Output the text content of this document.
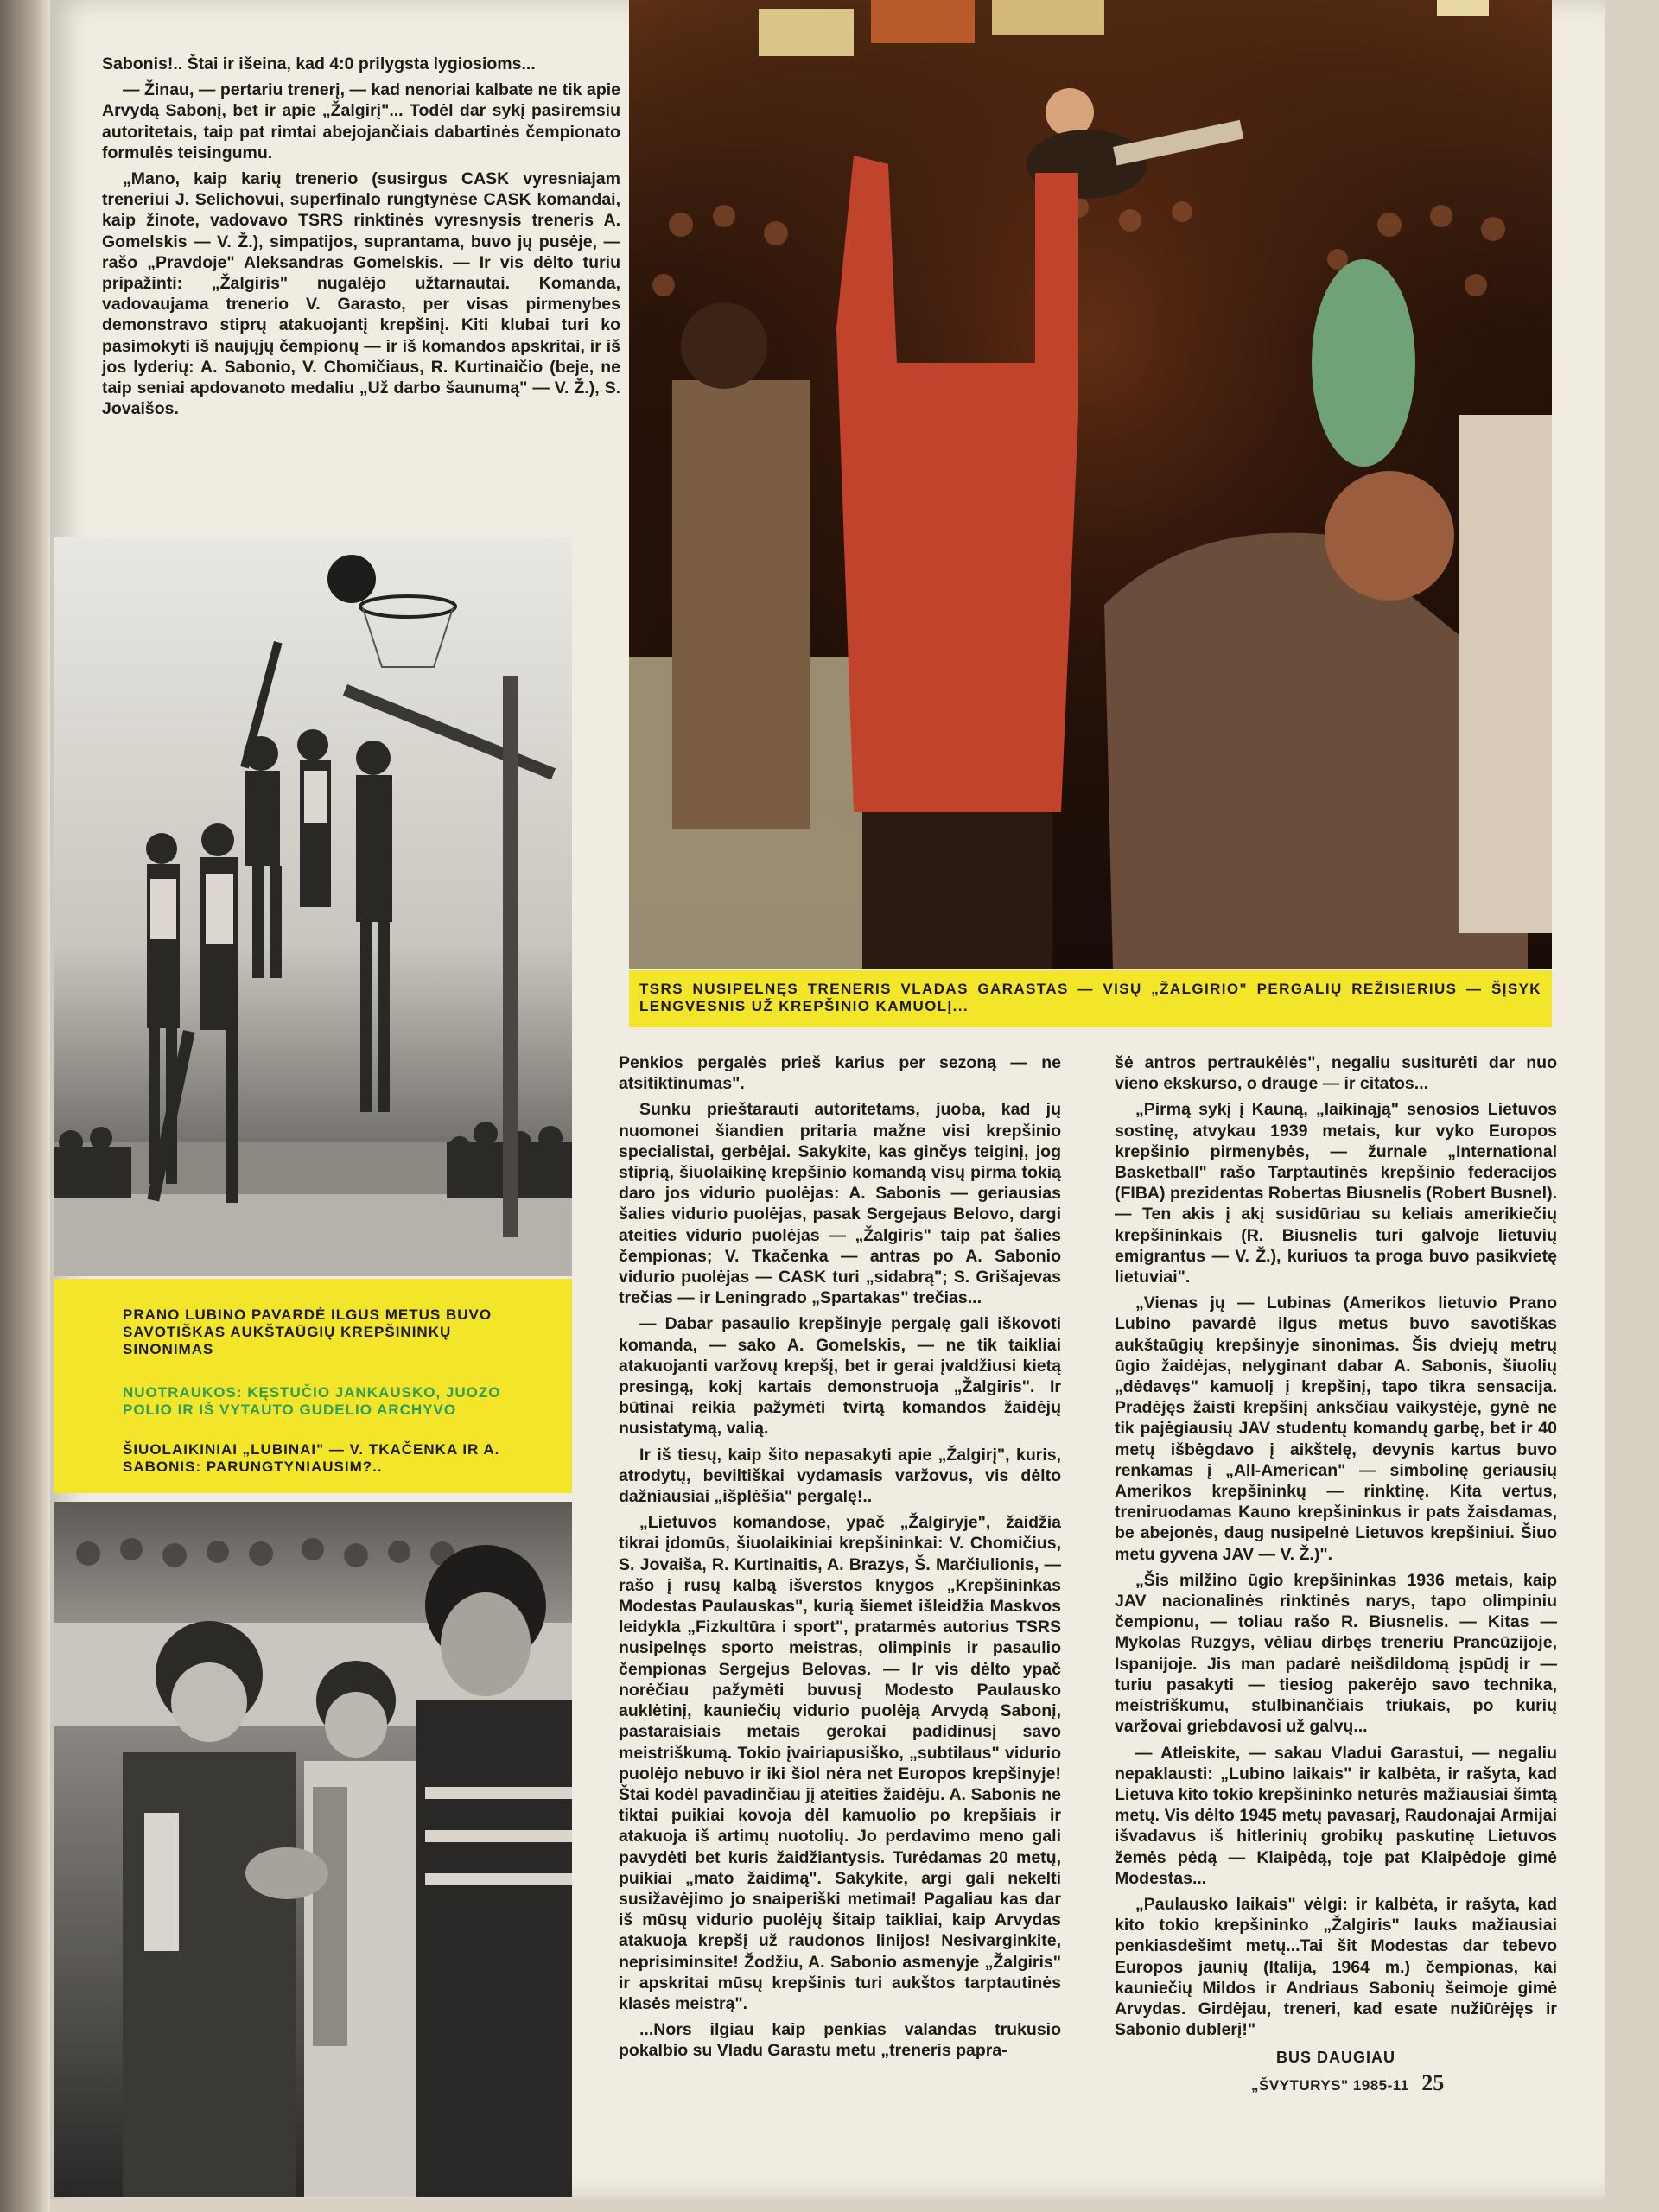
Sabonis!.. Štai ir išeina, kad 4:0 prilygsta lygiosioms...

— Žinau, — pertariu trenerį, — kad nenoriai kalbate ne tik apie Arvydą Sabonį, bet ir apie „Žalgirį"... Todėl dar sykį pasiremsiu autoritetais, taip pat rimtai abejojančiais dabartinės čempionato formulės teisingumu.

„Mano, kaip karių trenerio (susirgus CASK vyresniajam treneriui J. Selichovui, superfinalo rungtynėse CASK komandai, kaip žinote, vadovavo TSRS rinktinės vyresnysis treneris A. Gomelskis — V. Ž.), simpatijos, suprantama, buvo jų pusėje, — rašo „Pravdoje" Aleksandras Gomelskis. — Ir vis dėlto turiu pripažinti: „Žalgiris" nugalėjo užtarnautai. Komanda, vadovaujama trenerio V. Garasto, per visas pirmenybes demonstravo stiprų atakuojantį krepšinį. Kiti klubai turi ko pasimokyti iš naujųjų čempionų — ir iš komandos apskritai, ir iš jos lyderių: A. Sabonio, V. Chomičiaus, R. Kurtinaičio (beje, ne taip seniai apdovanoto medaliu „Už darbo šaunumą" — V. Ž.), S. Jovaišos.

PRANO LUBINO PAVARDĖ ILGUS METUS BUVO SAVOTIŠKAS AUKŠTAŪGIŲ KREPŠININKŲ SINONIMAS
NUOTRAUKOS: KĘSTUČIO JANKAUSKO, JUOZO POLIO IR IŠ VYTAUTO GUDELIO ARCHYVO
ŠIUOLAIKINIAI „LUBINAI" — V. TKAČENKA IR A. SABONIS: PARUNGTYNIAUSIM?..
TSRS NUSIPELNĘS TRENERIS VLADAS GARASTAS — VISŲ „ŽALGIRIO" PERGALIŲ REŽISIERIUS — ŠĮSYK LENGVESNIS UŽ KREPŠINIO KAMUOLĮ...

Penkios pergalės prieš karius per sezoną — ne atsitiktinumas".

Sunku prieštarauti autoritetams, juoba, kad jų nuomonei šiandien pritaria mažne visi krepšinio specialistai, gerbėjai. Sakykite, kas ginčys teiginį, jog stiprią, šiuolaikinę krepšinio komandą visų pirma tokią daro jos vidurio puolėjas: A. Sabonis — geriausias šalies vidurio puolėjas, pasak Sergejaus Belovo, dargi ateities vidurio puolėjas — „Žalgiris" taip pat šalies čempionas; V. Tkačenka — antras po A. Sabonio vidurio puolėjas — CASK turi „sidabrą"; S. Grišajevas trečias — ir Leningrado „Spartakas" trečias...

— Dabar pasaulio krepšinyje pergalę gali iškovoti komanda, — sako A. Gomelskis, — ne tik taikliai atakuojanti varžovų krepšį, bet ir gerai įvaldžiusi kietą presingą, kokį kartais demonstruoja „Žalgiris". Ir būtinai reikia pažymėti tvirtą komandos žaidėjų nusistatymą, valią.

Ir iš tiesų, kaip šito nepasakyti apie „Žalgirį", kuris, atrodytų, beviltiškai vydamasis varžovus, vis dėlto dažniausiai „išplėšia" pergalę!..

„Lietuvos komandose, ypač „Žalgiryje", žaidžia tikrai įdomūs, šiuolaikiniai krepšininkai: V. Chomičius, S. Jovaiša, R. Kurtinaitis, A. Brazys, Š. Marčiulionis, — rašo į rusų kalbą išverstos knygos „Krepšininkas Modestas Paulauskas", kurią šiemet išleidžia Maskvos leidykla „Fizkultūra i sport", pratarmės autorius TSRS nusipelnęs sporto meistras, olimpinis ir pasaulio čempionas Sergejus Belovas. — Ir vis dėlto ypač norėčiau pažymėti buvusį Modesto Paulausko auklėtinį, kauniečių vidurio puolėją Arvydą Sabonį, pastaraisiais metais gerokai padidinusį savo meistriškumą. Tokio įvairiapusiško, „subtilaus" vidurio puolėjo nebuvo ir iki šiol nėra net Europos krepšinyje! Štai kodėl pavadinčiau jį ateities žaidėju. A. Sabonis ne tiktai puikiai kovoja dėl kamuolio po krepšiais ir atakuoja iš artimų nuotolių. Jo perdavimo meno gali pavydėti bet kuris žaidžiantysis. Turėdamas 20 metų, puikiai „mato žaidimą". Sakykite, argi gali nekelti susižavėjimo jo snaiperiški metimai! Pagaliau kas dar iš mūsų vidurio puolėjų šitaip taikliai, kaip Arvydas atakuoja krepšį už raudonos linijos! Nesivarginkite, neprisiminsite! Žodžiu, A. Sabonio asmenyje „Žalgiris" ir apskritai mūsų krepšinis turi aukštos tarptautinės klasės meistrą".

...Nors ilgiau kaip penkias valandas trukusio pokalbio su Vladu Garastu metu „treneris papra-

šė antros pertraukėlės", negaliu susiturėti dar nuo vieno ekskurso, o drauge — ir citatos...

„Pirmą sykį į Kauną, „laikinąją" senosios Lietuvos sostinę, atvykau 1939 metais, kur vyko Europos krepšinio pirmenybės, — žurnale „International Basketball" rašo Tarptautinės krepšinio federacijos (FIBA) prezidentas Robertas Biusnelis (Robert Busnel). — Ten akis į akį susidūriau su keliais amerikiečių krepšininkais (R. Biusnelis turi galvoje lietuvių emigrantus — V. Ž.), kuriuos ta proga buvo pasikvietę lietuviai".

„Vienas jų — Lubinas (Amerikos lietuvio Prano Lubino pavardė ilgus metus buvo savotiškas aukštaūgių krepšinyje sinonimas. Šis dviejų metrų ūgio žaidėjas, nelyginant dabar A. Sabonis, šiuolių „dėdavęs" kamuolį į krepšinį, tapo tikra sensacija. Pradėjęs žaisti krepšinį anksčiau vaikystėje, gynė ne tik pajėgiausių JAV studentų komandų garbę, bet ir 40 metų išbėgdavo į aikštelę, devynis kartus buvo renkamas į „All-American" — simbolinę geriausių Amerikos krepšininkų — rinktinę. Kita vertus, treniruodamas Kauno krepšininkus ir pats žaisdamas, be abejonės, daug nusipelnė Lietuvos krepšiniui. Šiuo metu gyvena JAV — V. Ž.)".

„Šis milžino ūgio krepšininkas 1936 metais, kaip JAV nacionalinės rinktinės narys, tapo olimpiniu čempionu, — toliau rašo R. Biusnelis. — Kitas — Mykolas Ruzgys, vėliau dirbęs treneriu Prancūzijoje, Ispanijoje. Jis man padarė neišdildomą įspūdį ir — turiu pasakyti — tiesiog pakerėjo savo technika, meistriškumu, stulbinančiais triukais, po kurių varžovai griebdavosi už galvų...

— Atleiskite, — sakau Vladui Garastui, — negaliu nepaklausti: „Lubino laikais" ir kalbėta, ir rašyta, kad Lietuva kito tokio krepšininko neturės mažiausiai šimtą metų. Vis dėlto 1945 metų pavasarį, Raudonajai Armijai išvadavus iš hitlerinių grobikų paskutinę Lietuvos žemės pėdą — Klaipėdą, toje pat Klaipėdoje gimė Modestas...

„Paulausko laikais" vėlgi: ir kalbėta, ir rašyta, kad kito tokio krepšininko „Žalgiris" lauks mažiausiai penkiasdešimt metų...Tai šit Modestas dar tebevo Europos jaunių (Italija, 1964 m.) čempionas, kai kauniečių Mildos ir Andriaus Sabonių šeimoje gimė Arvydas. Girdėjau, treneri, kad esate nužiūrėjęs ir Sabonio dublerį!"

BUS DAUGIAU
„ŠVYTURYS" 1985-11 25
